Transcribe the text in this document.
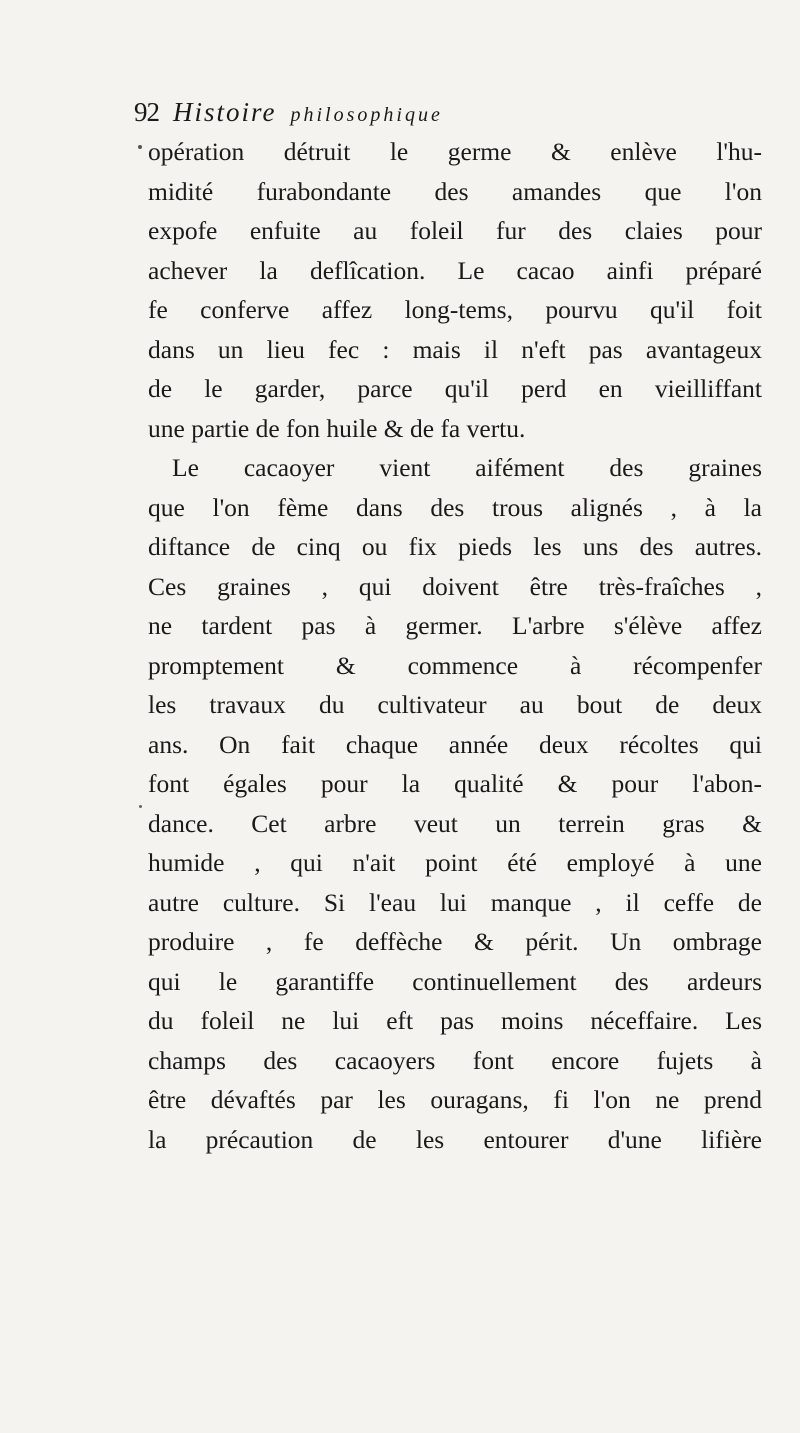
92 Histoire philosophique
opération détruit le germe & enlève l'hu-
midité furabondante des amandes que l'on
expofe enfuite au foleil fur des claies pour
achever la deflîcation. Le cacao ainfi préparé
fe conferve affez long-tems, pourvu qu'il foit
dans un lieu fec : mais il n'eft pas avantageux
de le garder, parce qu'il perd en vieilliffant
une partie de fon huile & de fa vertu.
Le cacaoyer vient aifément des graines
que l'on fème dans des trous alignés , à la
diftance de cinq ou fix pieds les uns des autres.
Ces graines , qui doivent être très-fraîches ,
ne tardent pas à germer. L'arbre s'élève affez
promptement & commence à récompenfer
les travaux du cultivateur au bout de deux
ans. On fait chaque année deux récoltes qui
font égales pour la qualité & pour l'abon-
dance. Cet arbre veut un terrein gras &
humide , qui n'ait point été employé à une
autre culture. Si l'eau lui manque , il ceffe de
produire , fe deffèche & périt. Un ombrage
qui le garantiffe continuellement des ardeurs
du foleil ne lui eft pas moins néceffaire. Les
champs des cacaoyers font encore fujets à
être dévaftés par les ouragans, fi l'on ne prend
la précaution de les entourer d'une lifière
